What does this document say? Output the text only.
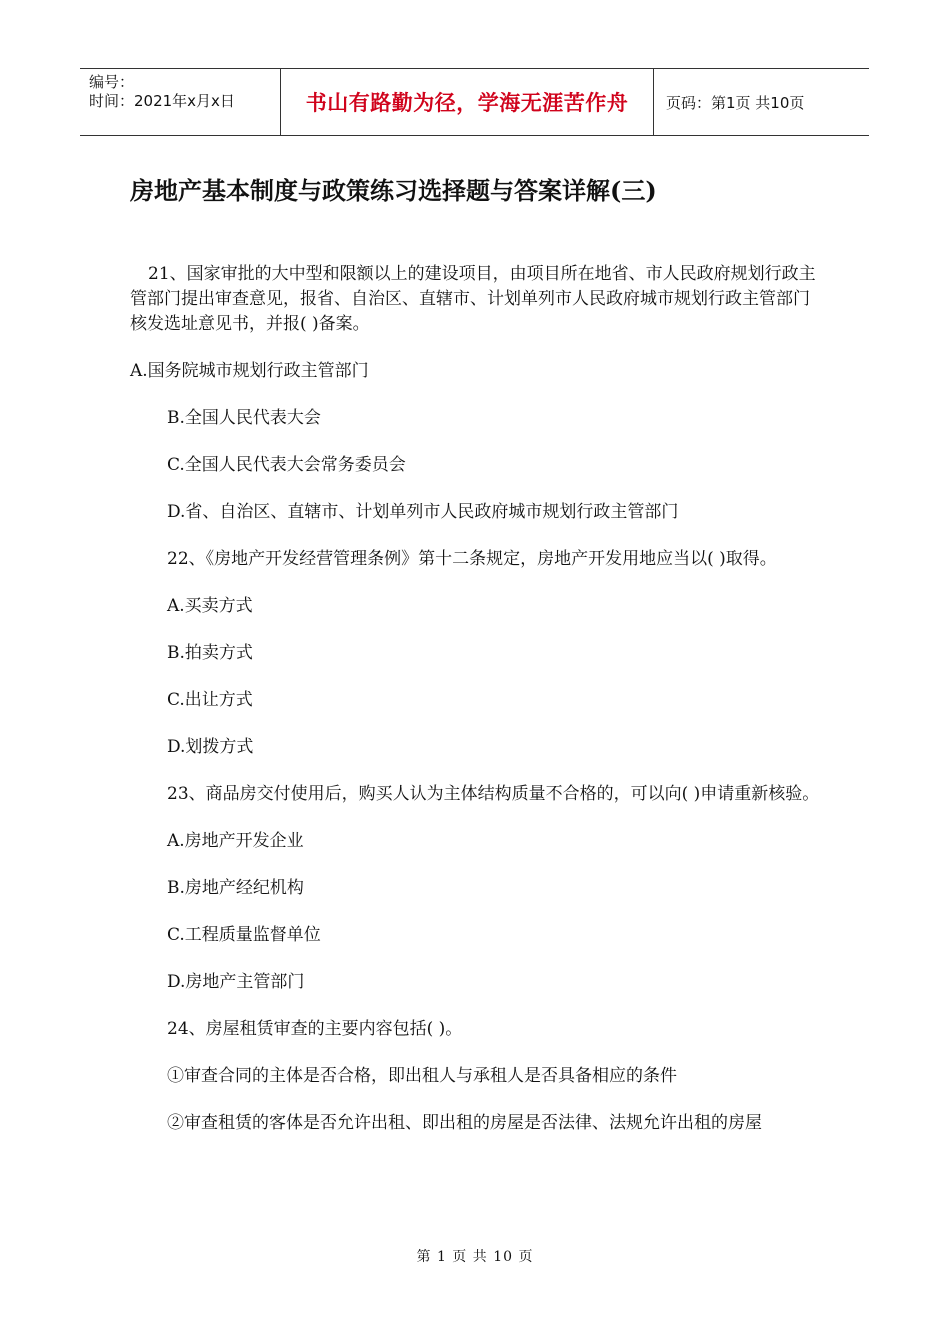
编号：
时间：2021年x月x日	书山有路勤为径，学海无涯苦作舟	页码：第1页 共10页
房地产基本制度与政策练习选择题与答案详解(三)

21、国家审批的大中型和限额以上的建设项目，由项目所在地省、市人民政府规划行政主管部门提出审查意见，报省、自治区、直辖市、计划单列市人民政府城市规划行政主管部门核发选址意见书，并报( )备案。

A.国务院城市规划行政主管部门

B.全国人民代表大会

C.全国人民代表大会常务委员会

D.省、自治区、直辖市、计划单列市人民政府城市规划行政主管部门

22、《房地产开发经营管理条例》第十二条规定，房地产开发用地应当以( )取得。

A.买卖方式

B.拍卖方式

C.出让方式

D.划拨方式

23、商品房交付使用后，购买人认为主体结构质量不合格的，可以向( )申请重新核验。

A.房地产开发企业

B.房地产经纪机构

C.工程质量监督单位

D.房地产主管部门

24、房屋租赁审查的主要内容包括( )。

①审查合同的主体是否合格，即出租人与承租人是否具备相应的条件

②审查租赁的客体是否允许出租、即出租的房屋是否法律、法规允许出租的房屋

第 1 页 共 10 页
